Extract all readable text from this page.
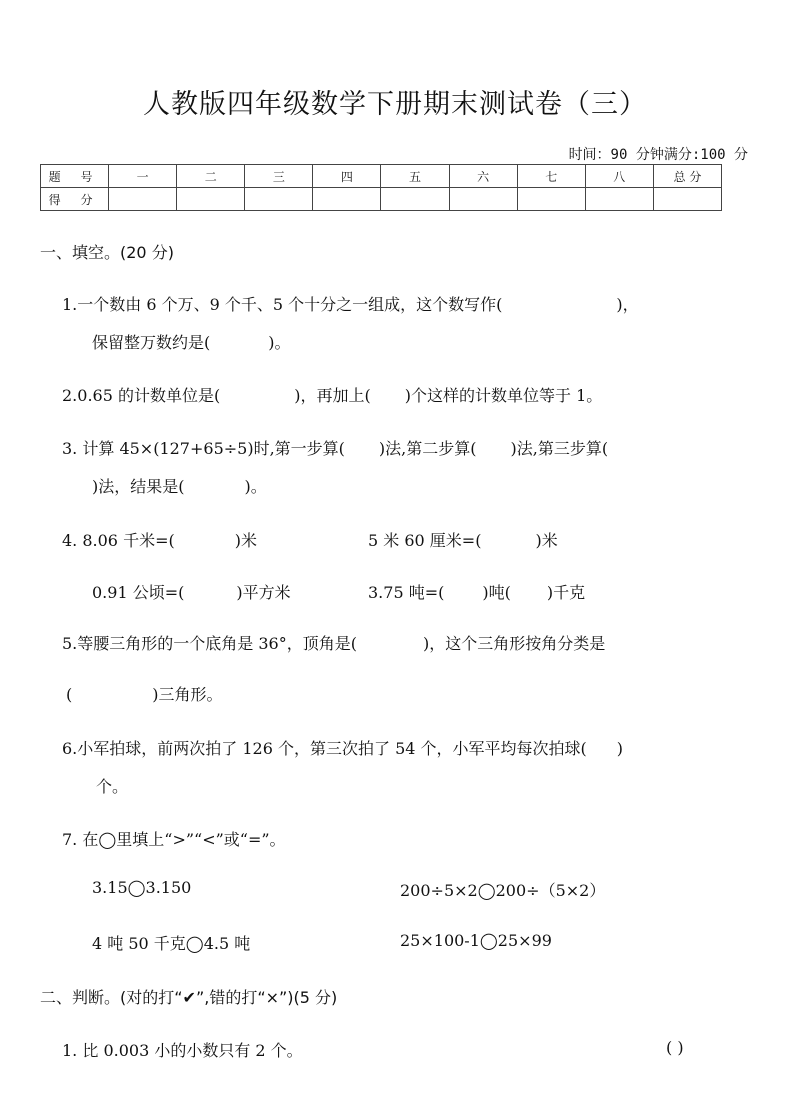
人教版四年级数学下册期末测试卷（三）
时间：90 分钟满分:100 分
题 号	一	二	三	四	五	六	七	八	总 分
得 分									
一、填空。(20 分)
1.一个数由 6 个万、9 个千、5 个十分之一组成，这个数写作(	)，
保留整万数约是(	)。
2.0.65 的计数单位是(	)，再加上( )个这样的计数单位等于 1。
3. 计算 45×(127+65÷5)时,第一步算( )法,第二步算( )法,第三步算(
)法，结果是(	)。
4. 8.06 千米=(	)米	5 米 60 厘米=(	)米
0.91 公顷=(	)平方米	3.75 吨=( )吨( )千克
5.等腰三角形的一个底角是 36°，顶角是(	)，这个三角形按角分类是
(	)三角形。
6.小军拍球，前两次拍了 126 个，第三次拍了 54 个，小军平均每次拍球( )
个。
7. 在◯里填上“>”“<”或“=”。
3.15◯3.150	200÷5×2◯200÷（5×2）
4 吨 50 千克◯4.5 吨	25×100-1◯25×99
二、判断。(对的打“✔”,错的打“×”)(5 分)
1. 比 0.003 小的小数只有 2 个。	( )
